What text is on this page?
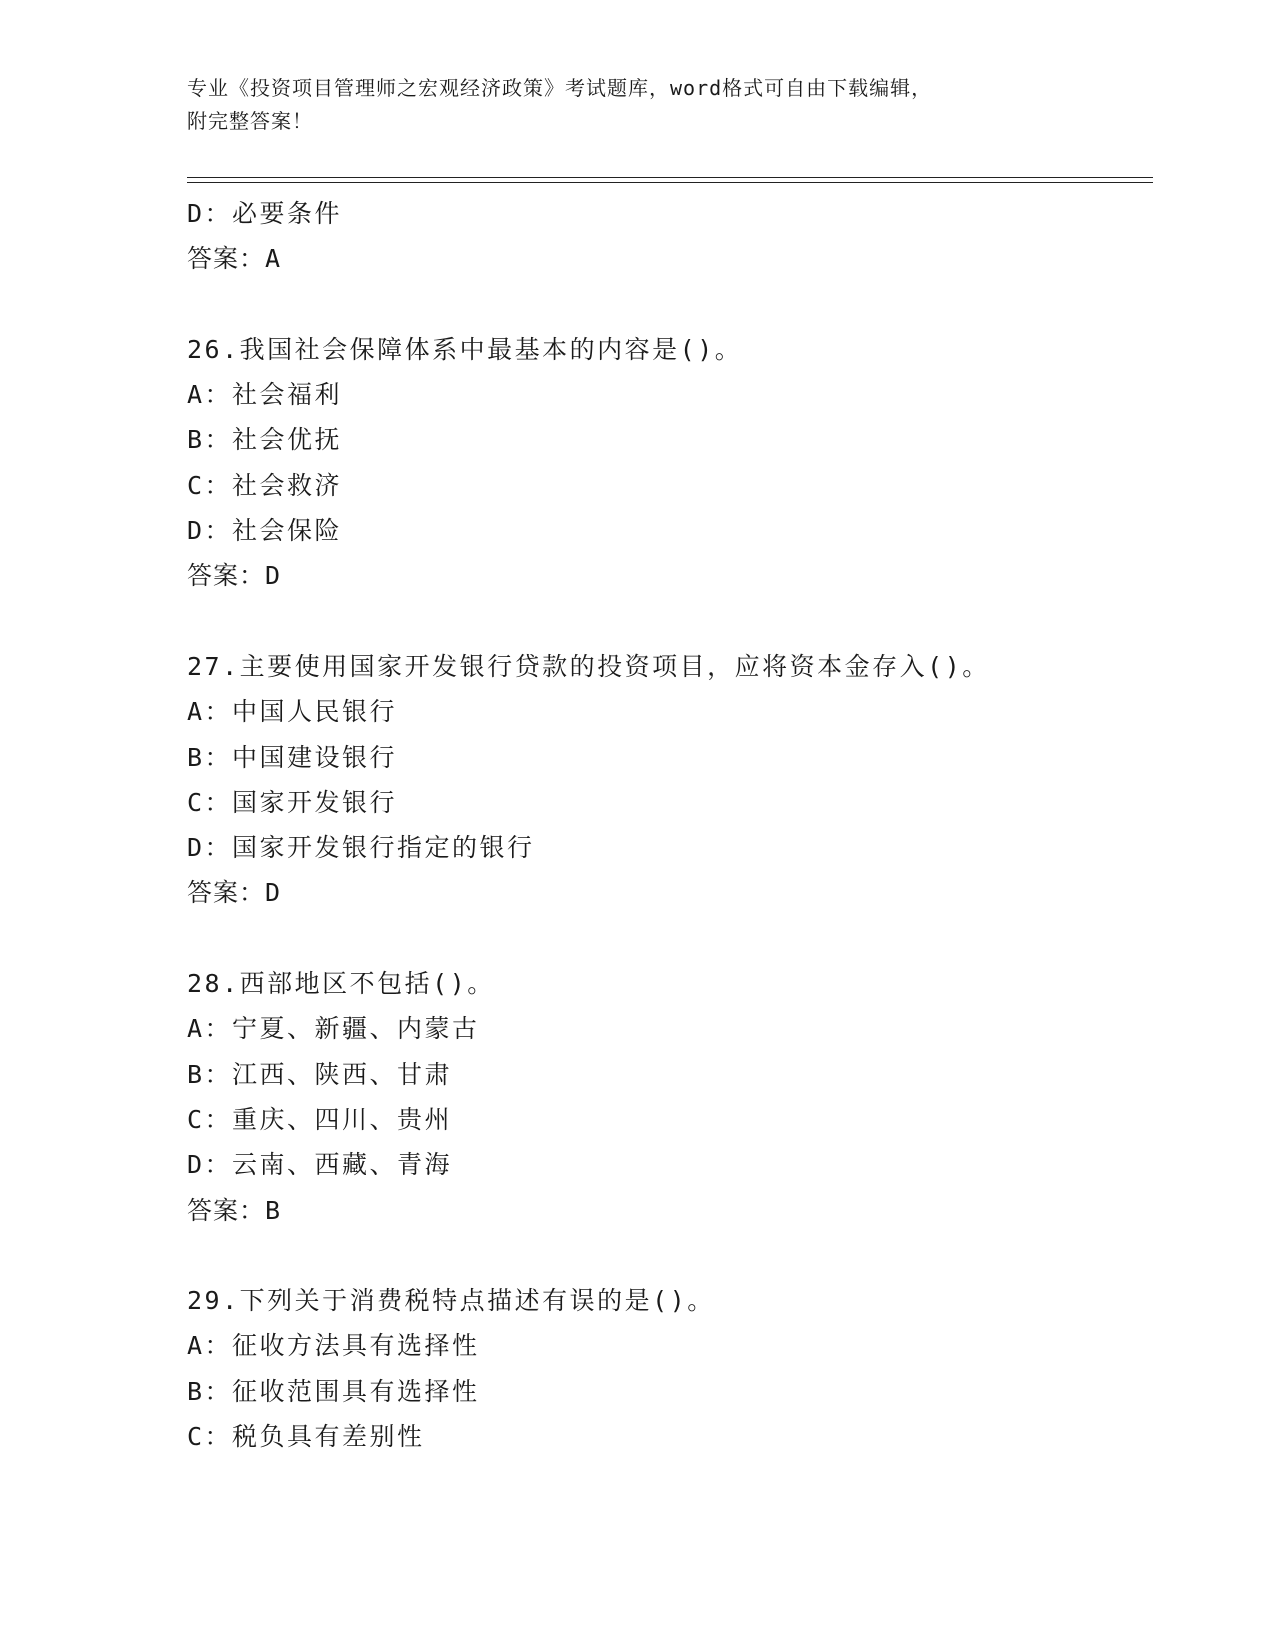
专业《投资项目管理师之宏观经济政策》考试题库，word格式可自由下载编辑，
附完整答案！
D：必要条件
答案：A
26.我国社会保障体系中最基本的内容是()。
A：社会福利
B：社会优抚
C：社会救济
D：社会保险
答案：D
27.主要使用国家开发银行贷款的投资项目，应将资本金存入()。
A：中国人民银行
B：中国建设银行
C：国家开发银行
D：国家开发银行指定的银行
答案：D
28.西部地区不包括()。
A：宁夏、新疆、内蒙古
B：江西、陕西、甘肃
C：重庆、四川、贵州
D：云南、西藏、青海
答案：B
29.下列关于消费税特点描述有误的是()。
A：征收方法具有选择性
B：征收范围具有选择性
C：税负具有差别性
